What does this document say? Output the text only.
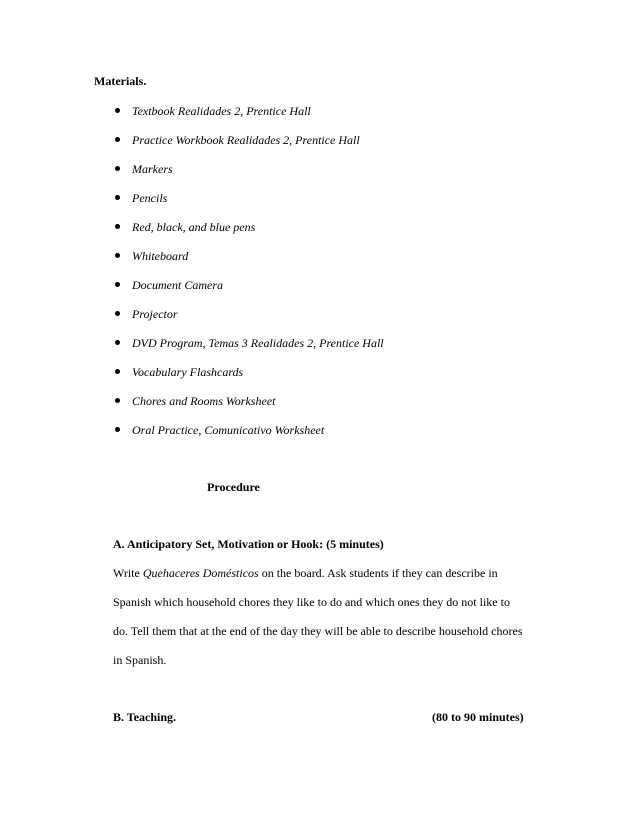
Materials.
Textbook Realidades 2, Prentice Hall
Practice Workbook Realidades 2, Prentice Hall
Markers
Pencils
Red, black, and blue pens
Whiteboard
Document Camera
Projector
DVD Program, Temas 3 Realidades 2, Prentice Hall
Vocabulary Flashcards
Chores and Rooms Worksheet
Oral Practice, Comunicativo Worksheet
Procedure
A. Anticipatory Set, Motivation or Hook: (5 minutes)
Write Quehaceres Domésticos on the board. Ask students if they can describe in
Spanish which household chores they like to do and which ones they do not like to
do. Tell them that at the end of the day they will be able to describe household chores
in Spanish.
B. Teaching.	(80 to 90 minutes)
